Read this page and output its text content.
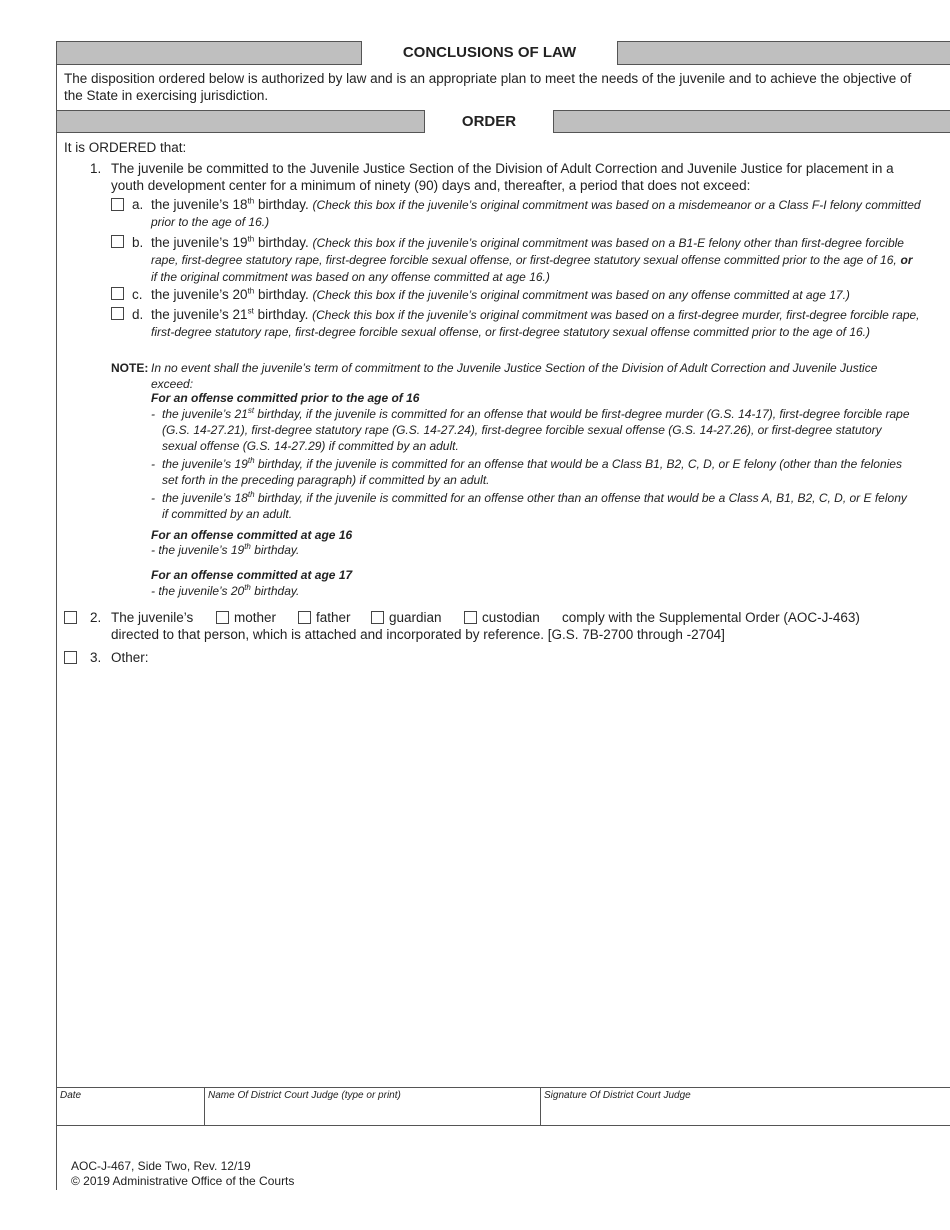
CONCLUSIONS OF LAW
The disposition ordered below is authorized by law and is an appropriate plan to meet the needs of the juvenile and to achieve the objective of the State in exercising jurisdiction.
ORDER
It is ORDERED that:
1. The juvenile be committed to the Juvenile Justice Section of the Division of Adult Correction and Juvenile Justice for placement in a youth development center for a minimum of ninety (90) days and, thereafter, a period that does not exceed:
a. the juvenile’s 18th birthday. (Check this box if the juvenile’s original commitment was based on a misdemeanor or a Class F-I felony committed prior to the age of 16.)
b. the juvenile’s 19th birthday. (Check this box if the juvenile’s original commitment was based on a B1-E felony other than first-degree forcible rape, first-degree statutory rape, first-degree forcible sexual offense, or first-degree statutory sexual offense committed prior to the age of 16, or if the original commitment was based on any offense committed at age 16.)
c. the juvenile’s 20th birthday. (Check this box if the juvenile’s original commitment was based on any offense committed at age 17.)
d. the juvenile’s 21st birthday. (Check this box if the juvenile’s original commitment was based on a first-degree murder, first-degree forcible rape, first-degree statutory rape, first-degree forcible sexual offense, or first-degree statutory sexual offense committed prior to the age of 16.)
NOTE: In no event shall the juvenile’s term of commitment to the Juvenile Justice Section of the Division of Adult Correction and Juvenile Justice exceed:
For an offense committed prior to the age of 16
- the juvenile’s 21st birthday, if the juvenile is committed for an offense that would be first-degree murder (G.S. 14-17), first-degree forcible rape (G.S. 14-27.21), first-degree statutory rape (G.S. 14-27.24), first-degree forcible sexual offense (G.S. 14-27.26), or first-degree statutory sexual offense (G.S. 14-27.29) if committed by an adult.
- the juvenile’s 19th birthday, if the juvenile is committed for an offense that would be a Class B1, B2, C, D, or E felony (other than the felonies set forth in the preceding paragraph) if committed by an adult.
- the juvenile’s 18th birthday, if the juvenile is committed for an offense other than an offense that would be a Class A, B1, B2, C, D, or E felony if committed by an adult.
For an offense committed at age 16
- the juvenile’s 19th birthday.
For an offense committed at age 17
- the juvenile’s 20th birthday.
2. The juvenile’s	mother	father	guardian	custodian comply with the Supplemental Order (AOC-J-463)
directed to that person, which is attached and incorporated by reference. [G.S. 7B-2700 through -2704]
3. Other:
Date	Name Of District Court Judge (type or print)	Signature Of District Court Judge
AOC-J-467, Side Two, Rev. 12/19
© 2019 Administrative Office of the Courts
